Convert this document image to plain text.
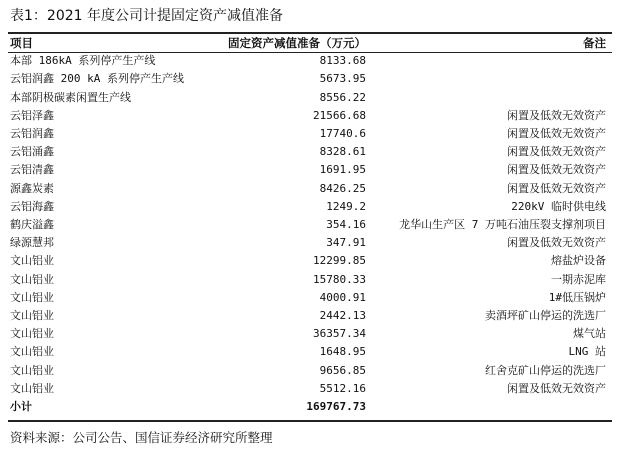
表1：2021 年度公司计提固定资产减值准备
项目	固定资产减值准备（万元）	备注
本部 186kA 系列停产生产线	8133.68	
云铝润鑫 200 kA 系列停产生产线	5673.95	
本部阴极碳素闲置生产线	8556.22	
云铝泽鑫	21566.68	闲置及低效无效资产
云铝润鑫	17740.6	闲置及低效无效资产
云铝涌鑫	8328.61	闲置及低效无效资产
云铝清鑫	1691.95	闲置及低效无效资产
源鑫炭素	8426.25	闲置及低效无效资产
云铝海鑫	1249.2	220kV 临时供电线
鹤庆溢鑫	354.16	龙华山生产区 7 万吨石油压裂支撑剂项目
绿源慧邦	347.91	闲置及低效无效资产
文山铝业	12299.85	熔盐炉设备
文山铝业	15780.33	一期赤泥库
文山铝业	4000.91	1#低压锅炉
文山铝业	2442.13	卖酒坪矿山停运的洗选厂
文山铝业	36357.34	煤气站
文山铝业	1648.95	LNG 站
文山铝业	9656.85	红舍克矿山停运的洗选厂
文山铝业	5512.16	闲置及低效无效资产
小计	169767.73	
资料来源：公司公告、国信证券经济研究所整理
